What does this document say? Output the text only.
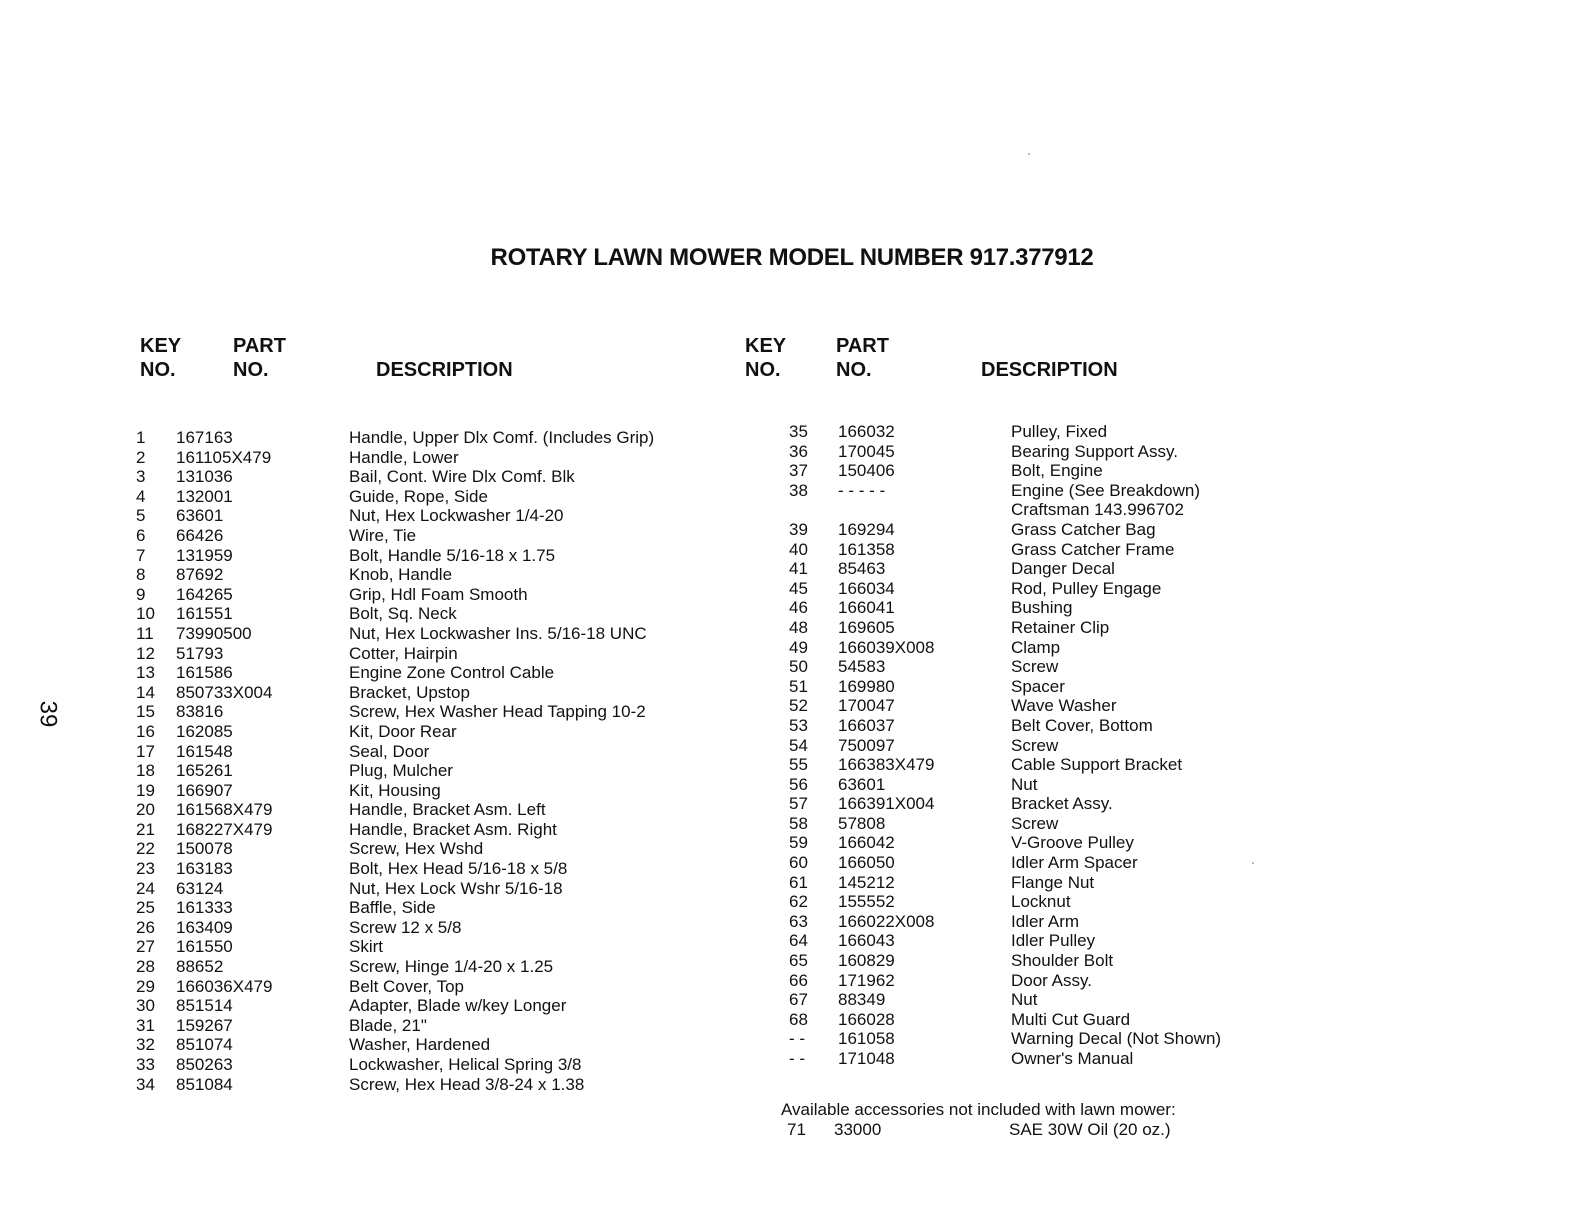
ROTARY LAWN MOWER MODEL NUMBER 917.377912
39
KEY
NO.
PART
NO.	DESCRIPTION
KEY
NO.
PART
NO.	DESCRIPTION
1 167163	Handle, Upper Dlx Comf. (Includes Grip)
2 161105X479	Handle, Lower
3 131036	Bail, Cont. Wire Dlx Comf. Blk
4 132001	Guide, Rope, Side
5 63601	Nut, Hex Lockwasher 1/4-20
6 66426	Wire, Tie
7 131959	Bolt, Handle 5/16-18 x 1.75
8 87692	Knob, Handle
9 164265	Grip, Hdl Foam Smooth
10 161551	Bolt, Sq. Neck
11 73990500	Nut, Hex Lockwasher Ins. 5/16-18 UNC
12 51793	Cotter, Hairpin
13 161586	Engine Zone Control Cable
14 850733X004	Bracket, Upstop
15 83816	Screw, Hex Washer Head Tapping 10-2
16 162085	Kit, Door Rear
17 161548	Seal, Door
18 165261	Plug, Mulcher
19 166907	Kit, Housing
20 161568X479	Handle, Bracket Asm. Left
21 168227X479	Handle, Bracket Asm. Right
22 150078	Screw, Hex Wshd
23 163183	Bolt, Hex Head 5/16-18 x 5/8
24 63124	Nut, Hex Lock Wshr 5/16-18
25 161333	Baffle, Side
26 163409	Screw 12 x 5/8
27 161550	Skirt
28 88652	Screw, Hinge 1/4-20 x 1.25
29 166036X479	Belt Cover, Top
30 851514	Adapter, Blade w/key Longer
31 159267	Blade, 21"
32 851074	Washer, Hardened
33 850263	Lockwasher, Helical Spring 3/8
34 851084	Screw, Hex Head 3/8-24 x 1.38
35 166032	Pulley, Fixed
36 170045	Bearing Support Assy.
37 150406	Bolt, Engine
38 - - - - -	Engine (See Breakdown)
Craftsman 143.996702
39 169294	Grass Catcher Bag
40 161358	Grass Catcher Frame
41 85463	Danger Decal
45 166034	Rod, Pulley Engage
46 166041	Bushing
48 169605	Retainer Clip
49 166039X008	Clamp
50 54583	Screw
51 169980	Spacer
52 170047	Wave Washer
53 166037	Belt Cover, Bottom
54 750097	Screw
55 166383X479	Cable Support Bracket
56 63601	Nut
57 166391X004	Bracket Assy.
58 57808	Screw
59 166042	V-Groove Pulley
60 166050	Idler Arm Spacer
61 145212	Flange Nut
62 155552	Locknut
63 166022X008	Idler Arm
64 166043	Idler Pulley
65 160829	Shoulder Bolt
66 171962	Door Assy.
67 88349	Nut
68 166028	Multi Cut Guard
- - 161058	Warning Decal (Not Shown)
- - 171048	Owner's Manual
Available accessories not included with lawn mower:
71 33000	SAE 30W Oil (20 oz.)
